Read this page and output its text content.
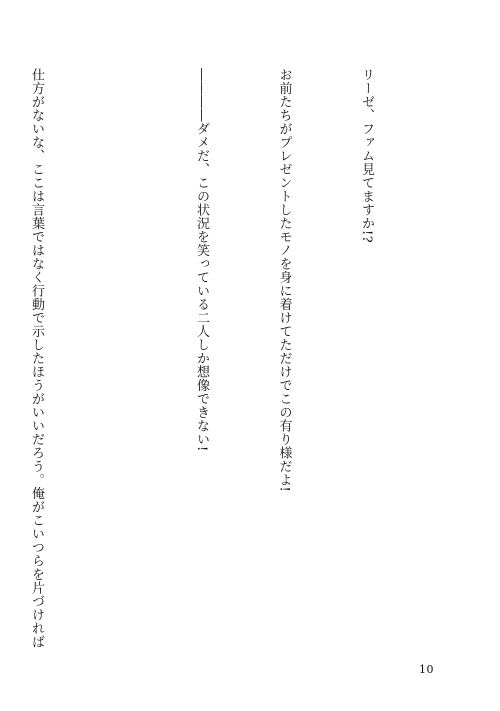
リーゼ、ファム見てますか!?

お前たちがプレゼントしたモノを身に着けてただけでこの有り様だよ!

――――ダメだ、この状況を笑っている二人しか想像できない!

仕方がないな、ここは言葉ではなく行動で示したほうがいいだろう。俺がこいつらを片づければ

10
